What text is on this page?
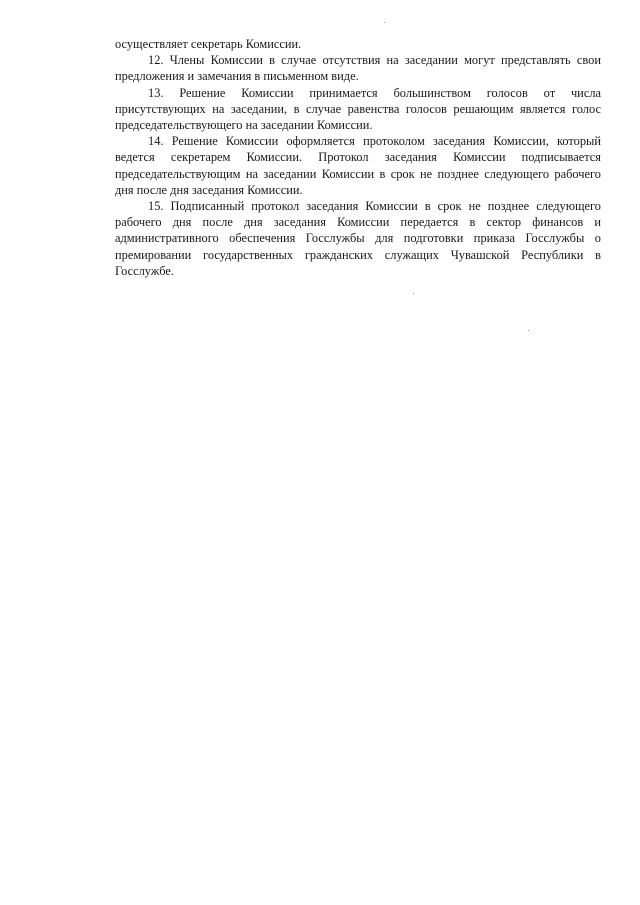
осуществляет секретарь Комиссии.

12. Члены Комиссии в случае отсутствия на заседании могут представлять свои предложения и замечания в письменном виде.

13. Решение Комиссии принимается большинством голосов от числа присутствующих на заседании, в случае равенства голосов решающим является голос председательствующего на заседании Комиссии.

14. Решение Комиссии оформляется протоколом заседания Комиссии, который ведется секретарем Комиссии. Протокол заседания Комиссии подписывается председательствующим на заседании Комиссии в срок не позднее следующего рабочего дня после дня заседания Комиссии.

15. Подписанный протокол заседания Комиссии в срок не позднее следующего рабочего дня после дня заседания Комиссии передается в сектор финансов и административного обеспечения Госслужбы для подготовки приказа Госслужбы о премировании государственных гражданских служащих Чувашской Республики в Госслужбе.
